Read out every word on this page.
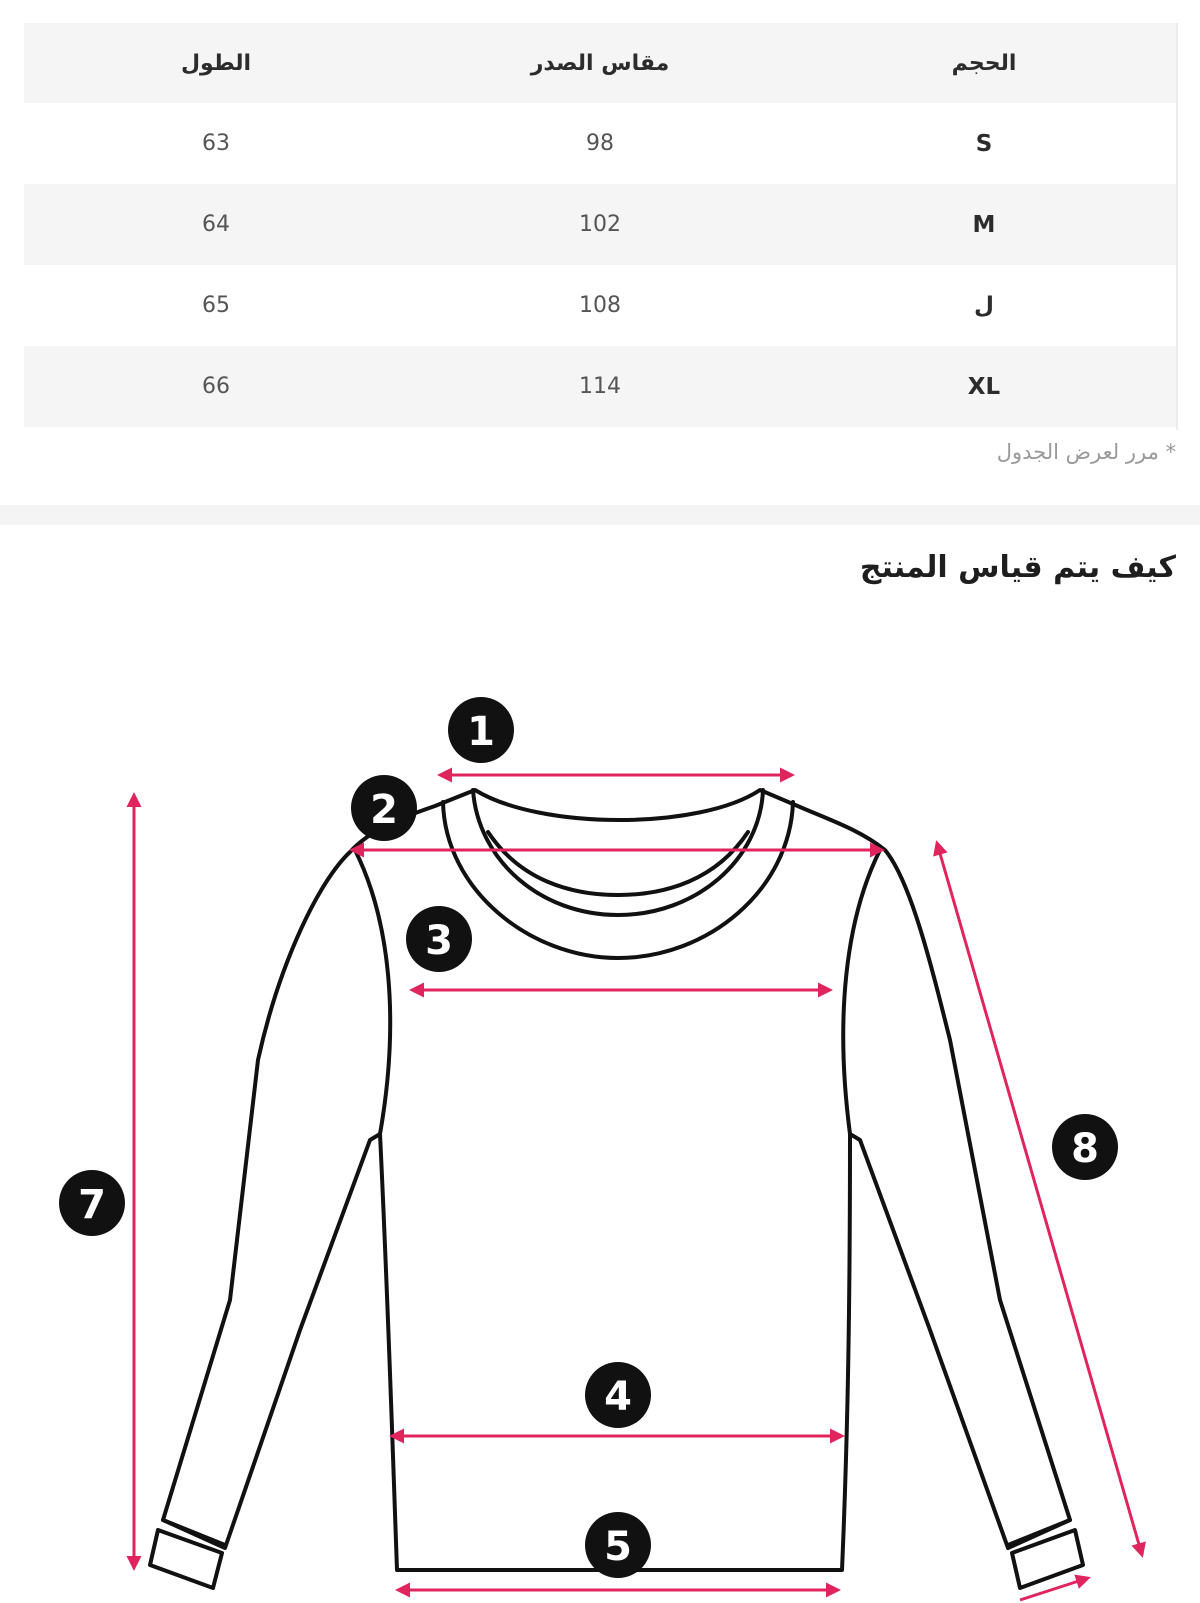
الحجم	مقاس الصدر	الطول
S	98	63
M	102	64
ل	108	65
XL	114	66
* مرر لعرض الجدول
كيف يتم قياس المنتج
1
2
3
4
5
7
8
